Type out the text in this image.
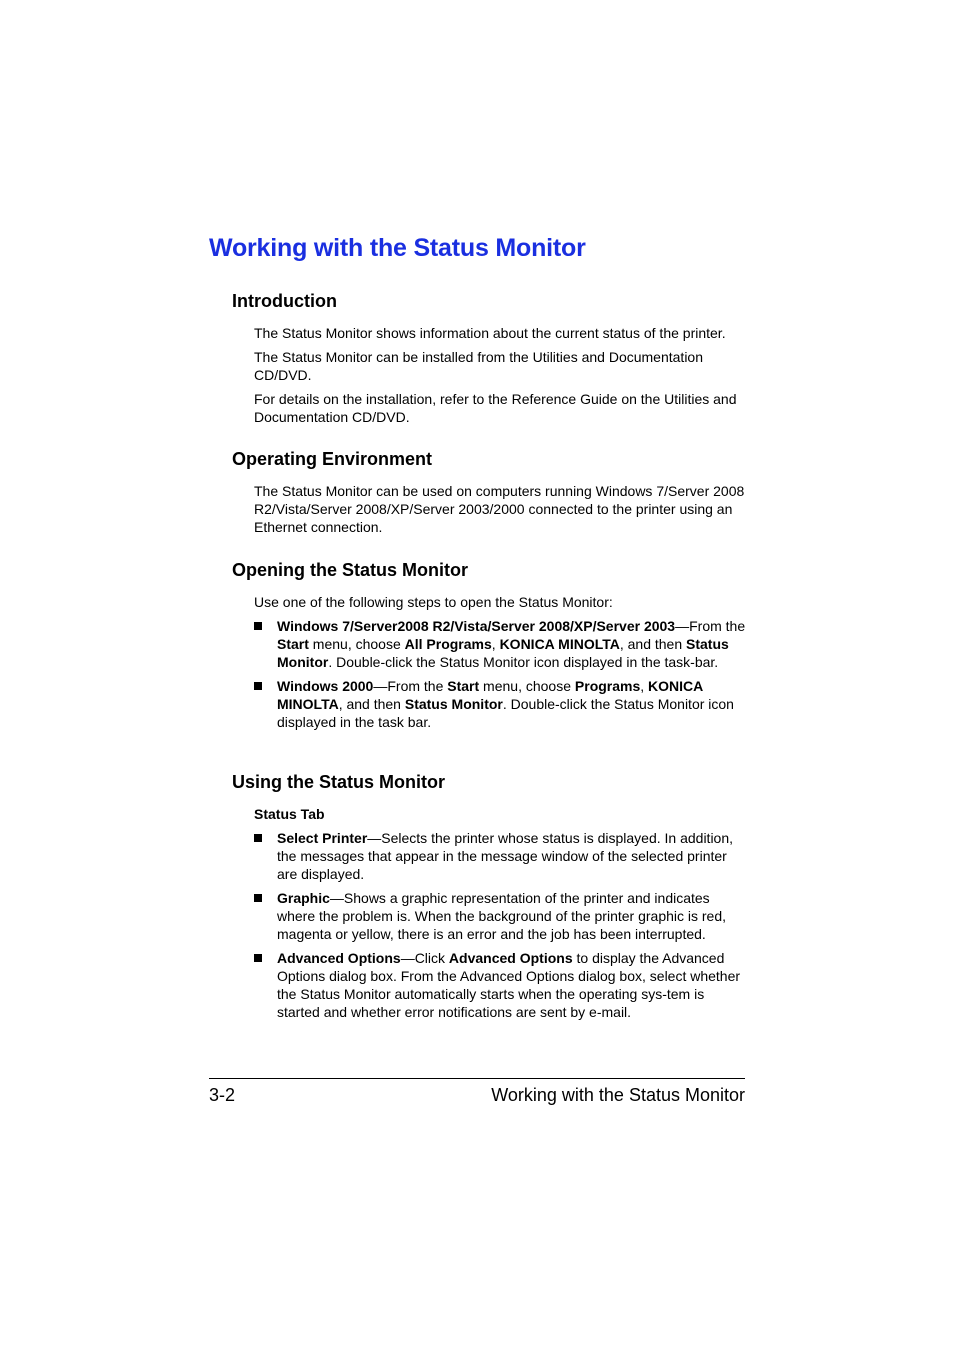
Working with the Status Monitor
Introduction

The Status Monitor shows information about the current status of the printer.

The Status Monitor can be installed from the Utilities and Documentation CD/DVD.

For details on the installation, refer to the Reference Guide on the Utilities and Documentation CD/DVD.

Operating Environment

The Status Monitor can be used on computers running Windows 7/Server 2008 R2/Vista/Server 2008/XP/Server 2003/2000 connected to the printer using an Ethernet connection.

Opening the Status Monitor

Use one of the following steps to open the Status Monitor:

Windows 7/Server2008 R2/Vista/Server 2008/XP/Server 2003—From the Start menu, choose All Programs, KONICA MINOLTA, and then Status Monitor. Double-click the Status Monitor icon displayed in the task-bar.
Windows 2000—From the Start menu, choose Programs, KONICA MINOLTA, and then Status Monitor. Double-click the Status Monitor icon displayed in the task bar.
Using the Status Monitor

Status Tab

Select Printer—Selects the printer whose status is displayed. In addition, the messages that appear in the message window of the selected printer are displayed.
Graphic—Shows a graphic representation of the printer and indicates where the problem is. When the background of the printer graphic is red, magenta or yellow, there is an error and the job has been interrupted.
Advanced Options—Click Advanced Options to display the Advanced Options dialog box. From the Advanced Options dialog box, select whether the Status Monitor automatically starts when the operating sys-tem is started and whether error notifications are sent by e-mail.
3-2	Working with the Status Monitor
